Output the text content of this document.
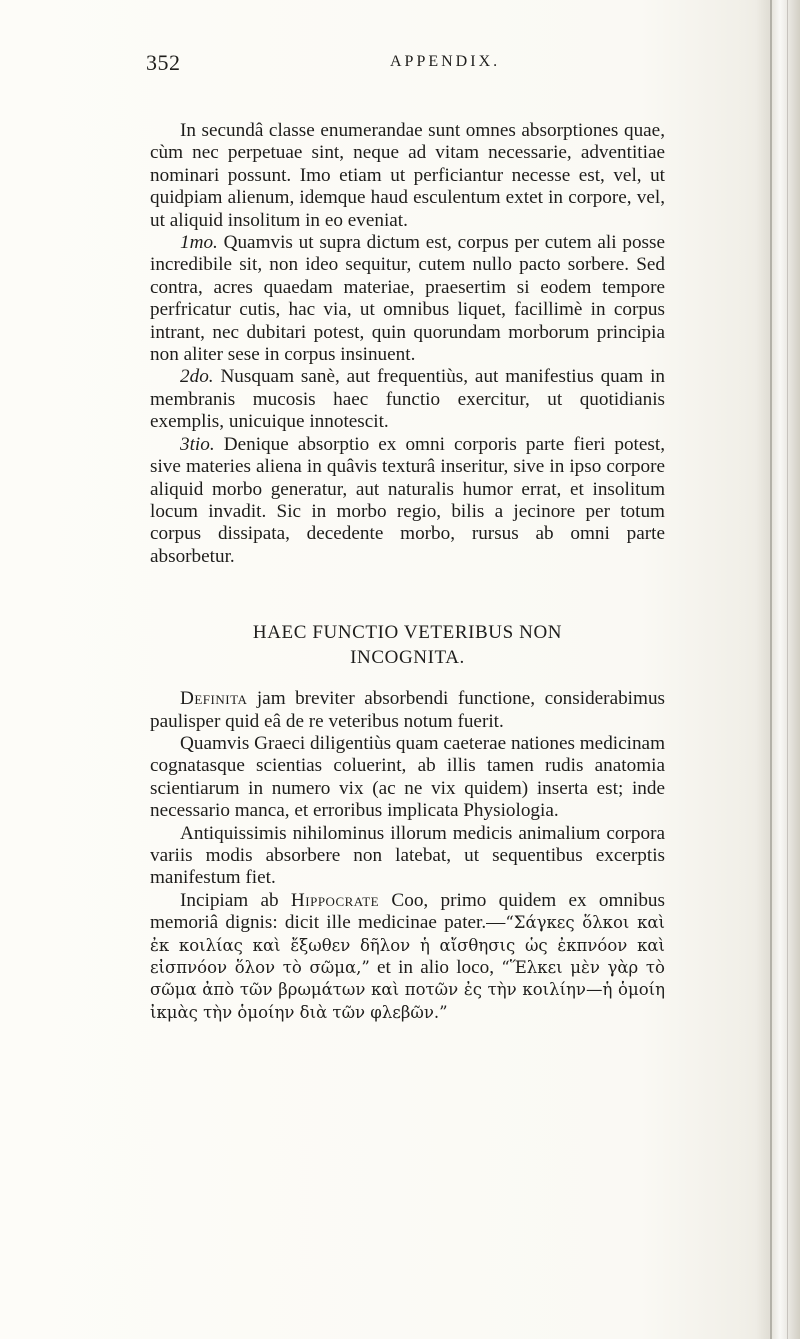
352	APPENDIX.

In secundâ classe enumerandae sunt omnes absorptiones quae, cùm nec perpetuae sint, neque ad vitam necessarie, adventitiae nominari possunt. Imo etiam ut perficiantur necesse est, vel, ut quidpiam alienum, idemque haud esculentum extet in corpore, vel, ut aliquid insolitum in eo eveniat.

1mo. Quamvis ut supra dictum est, corpus per cutem ali posse incredibile sit, non ideo sequitur, cutem nullo pacto sorbere. Sed contra, acres quaedam materiae, praesertim si eodem tempore perfricatur cutis, hac via, ut omnibus liquet, facillimè in corpus intrant, nec dubitari potest, quin quorundam morborum principia non aliter sese in corpus insinuent.

2do. Nusquam sanè, aut frequentiùs, aut manifestius quam in membranis mucosis haec functio exercitur, ut quotidianis exemplis, unicuique innotescit.

3tio. Denique absorptio ex omni corporis parte fieri potest, sive materies aliena in quâvis texturâ inseritur, sive in ipso corpore aliquid morbo generatur, aut naturalis humor errat, et insolitum locum invadit. Sic in morbo regio, bilis a jecinore per totum corpus dissipata, decedente morbo, rursus ab omni parte absorbetur.

HAEC FUNCTIO VETERIBUS NON
INCOGNITA.

Definita jam breviter absorbendi functione, considerabimus paulisper quid eâ de re veteribus notum fuerit.

Quamvis Graeci diligentiùs quam caeterae nationes medicinam cognatasque scientias coluerint, ab illis tamen rudis anatomia scientiarum in numero vix (ac ne vix quidem) inserta est; inde necessario manca, et erroribus implicata Physiologia.

Antiquissimis nihilominus illorum medicis animalium corpora variis modis absorbere non latebat, ut sequentibus excerptis manifestum fiet.

Incipiam ab Hippocrate Coo, primo quidem ex omnibus memoriâ dignis: dicit ille medicinae pater.—“Σάγκες ὅλκοι καὶ ἐκ κοιλίας καὶ ἔξωθεν δῆλον ἡ αἴσθησις ὡς ἐκπνόον καὶ εἰσπνόον ὅλον τὸ σῶμα,” et in alio loco, “Ἕλκει μὲν γὰρ τὸ σῶμα ἀπὸ τῶν βρωμάτων καὶ ποτῶν ἐς τὴν κοιλίην—ἡ ὁμοίη ἰκμὰς τὴν ὁμοίην διὰ τῶν φλεβῶν.”
